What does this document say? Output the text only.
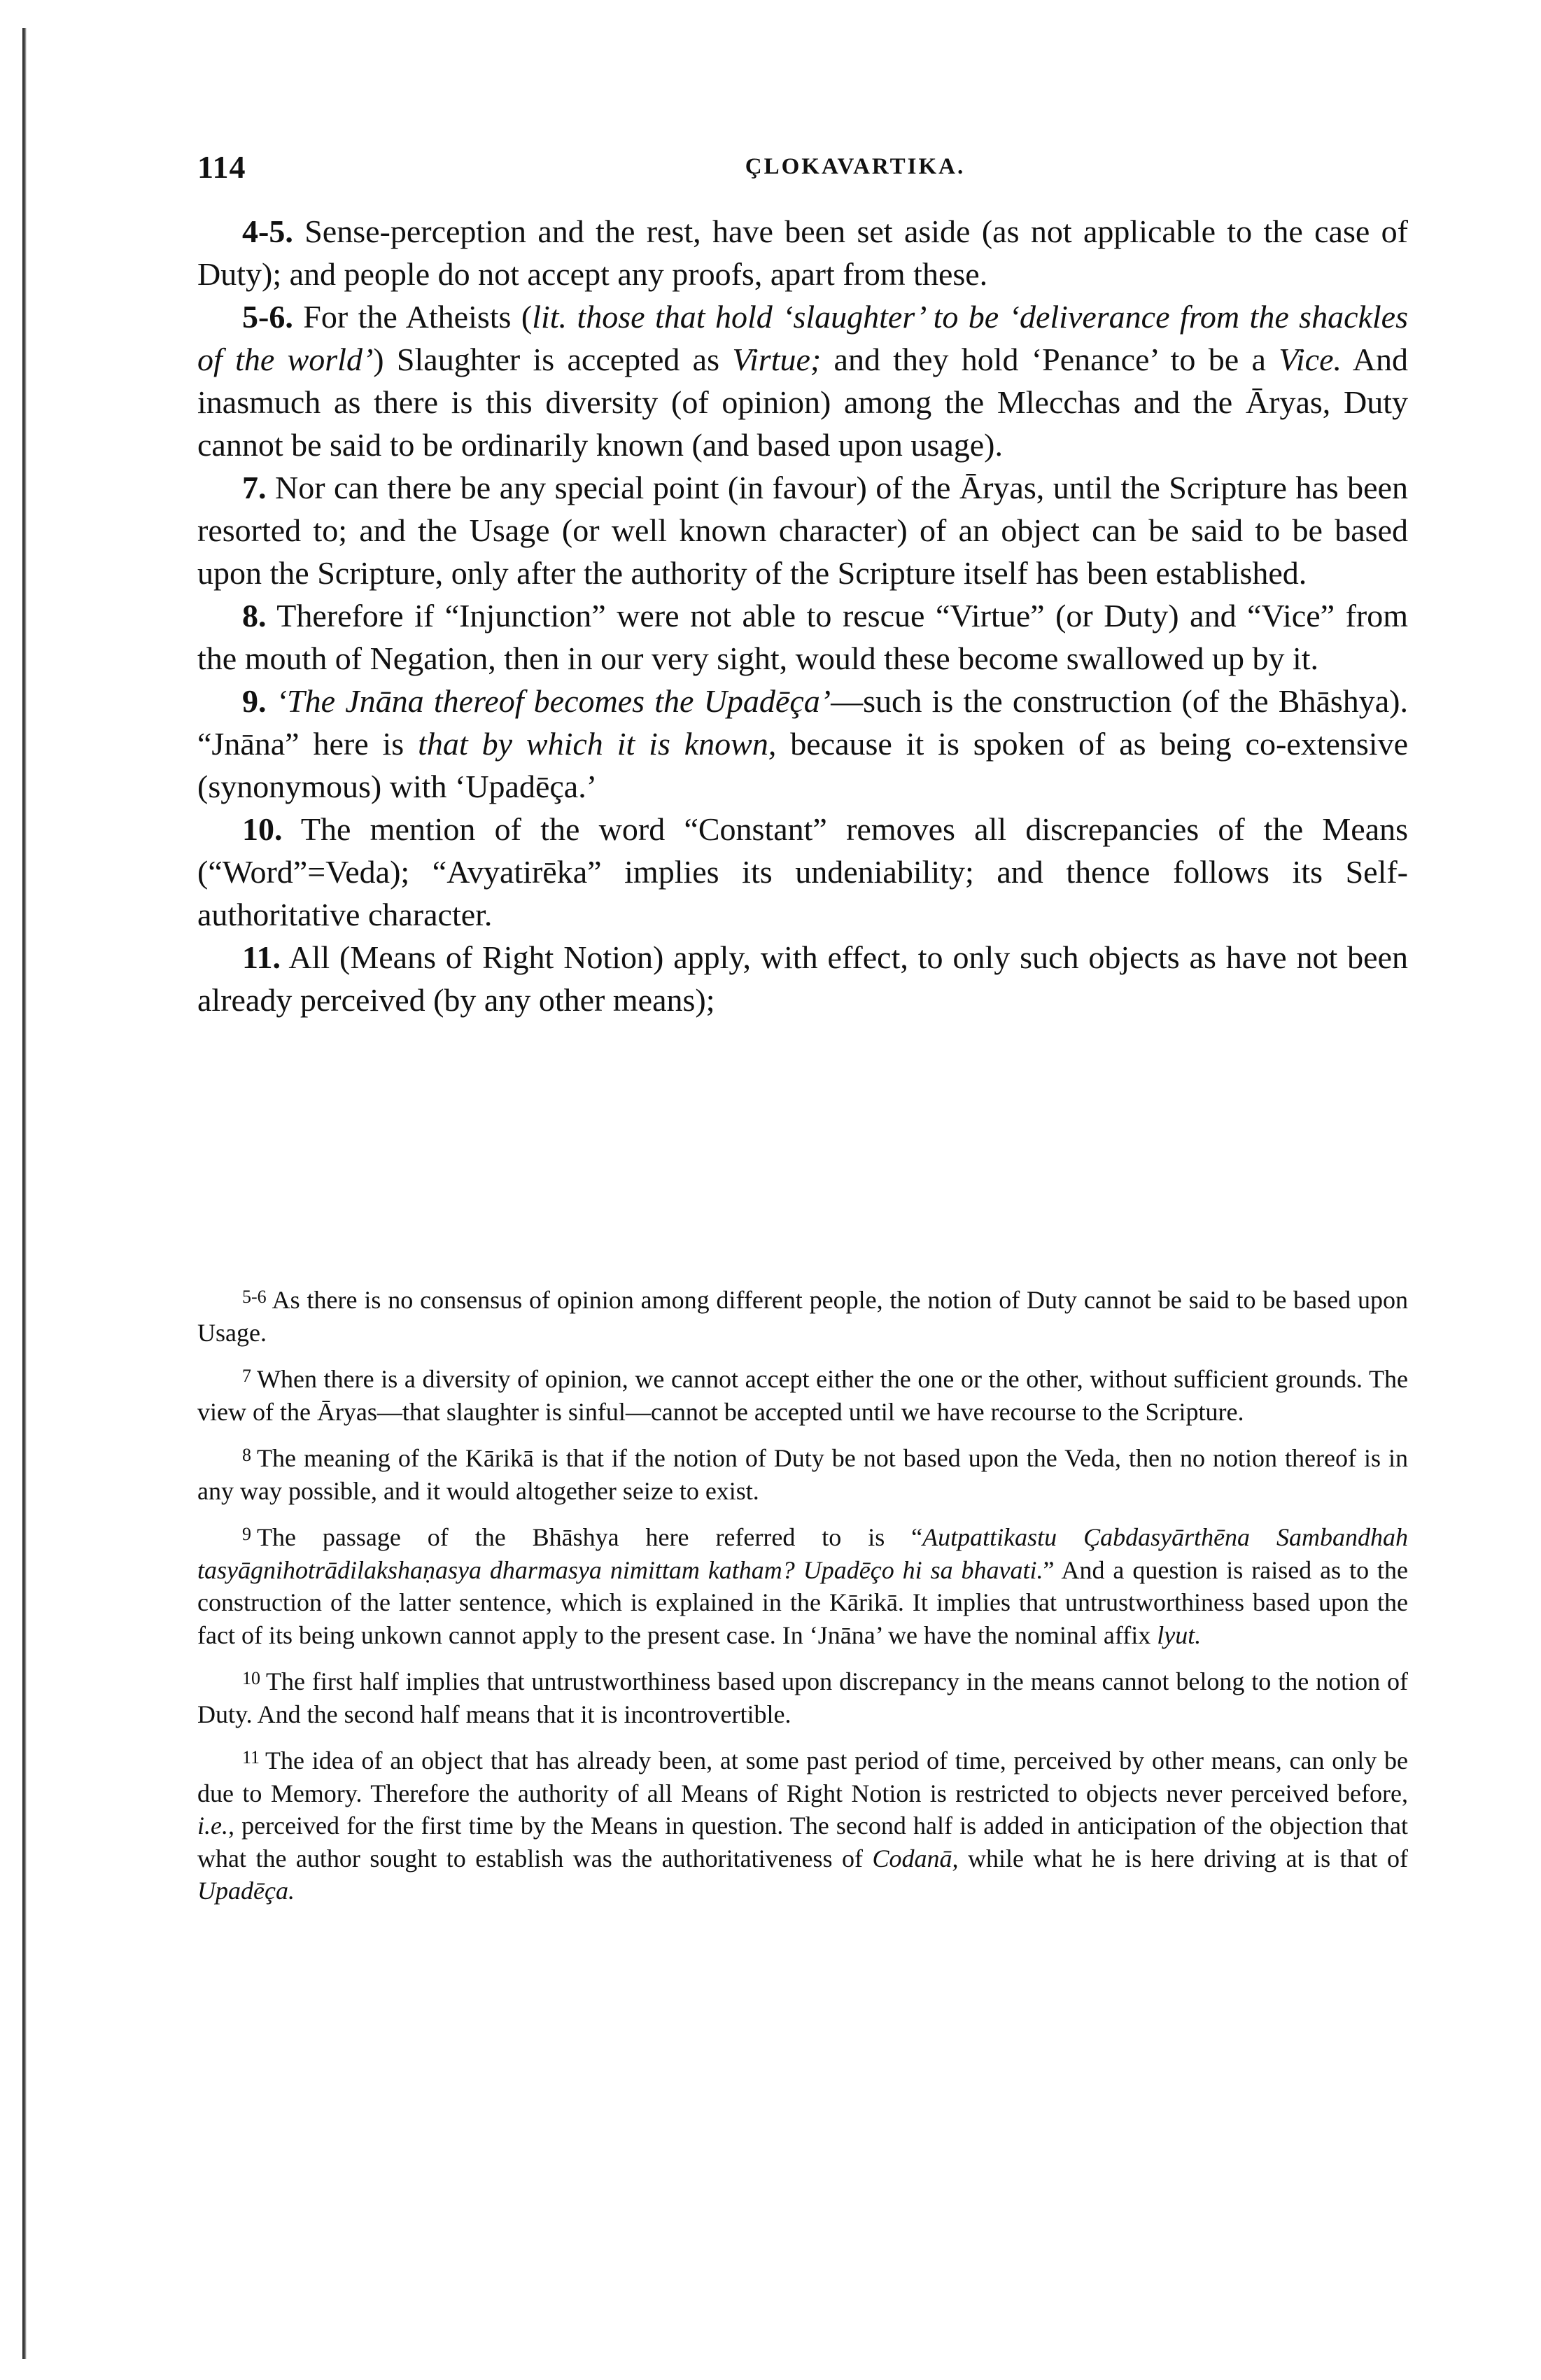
114	ÇLOKAVARTIKA.

4-5. Sense-perception and the rest, have been set aside (as not applicable to the case of Duty); and people do not accept any proofs, apart from these.

5-6. For the Atheists (lit. those that hold ‘slaughter’ to be ‘deliverance from the shackles of the world’) Slaughter is accepted as Virtue; and they hold ‘Penance’ to be a Vice. And inasmuch as there is this diversity (of opinion) among the Mlecchas and the Āryas, Duty cannot be said to be ordinarily known (and based upon usage).

7. Nor can there be any special point (in favour) of the Āryas, until the Scripture has been resorted to; and the Usage (or well known character) of an object can be said to be based upon the Scripture, only after the authority of the Scripture itself has been established.

8. Therefore if “Injunction” were not able to rescue “Virtue” (or Duty) and “Vice” from the mouth of Negation, then in our very sight, would these become swallowed up by it.

9. ‘The Jnāna thereof becomes the Upadēça’—such is the construction (of the Bhāshya). “Jnāna” here is that by which it is known, because it is spoken of as being co-extensive (synonymous) with ‘Upadēça.’

10. The mention of the word “Constant” removes all discrepancies of the Means (“Word”=Veda); “Avyatirēka” implies its undeniability; and thence follows its Self-authoritative character.

11. All (Means of Right Notion) apply, with effect, to only such objects as have not been already perceived (by any other means);

$^{5-6}$ As there is no consensus of opinion among different people, the notion of Duty cannot be said to be based upon Usage.

$^7$ When there is a diversity of opinion, we cannot accept either the one or the other, without sufficient grounds. The view of the Āryas—that slaughter is sinful—cannot be accepted until we have recourse to the Scripture.

$^8$ The meaning of the Kārikā is that if the notion of Duty be not based upon the Veda, then no notion thereof is in any way possible, and it would altogether seize to exist.

$^9$ The passage of the Bhāshya here referred to is “Autpattikastu Çabdasyārthēna Sambandhah tasyāgnihotrādilakshaṇasya dharmasya nimittam katham? Upadēço hi sa bhavati.” And a question is raised as to the construction of the latter sentence, which is explained in the Kārikā. It implies that untrustworthiness based upon the fact of its being unkown cannot apply to the present case. In ‘Jnāna’ we have the nominal affix lyut.

$^{10}$ The first half implies that untrustworthiness based upon discrepancy in the means cannot belong to the notion of Duty. And the second half means that it is incontrovertible.

$^{11}$ The idea of an object that has already been, at some past period of time, perceived by other means, can only be due to Memory. Therefore the authority of all Means of Right Notion is restricted to objects never perceived before, i.e., perceived for the first time by the Means in question. The second half is added in anticipation of the objection that what the author sought to establish was the authoritativeness of Codanā, while what he is here driving at is that of Upadēça.
